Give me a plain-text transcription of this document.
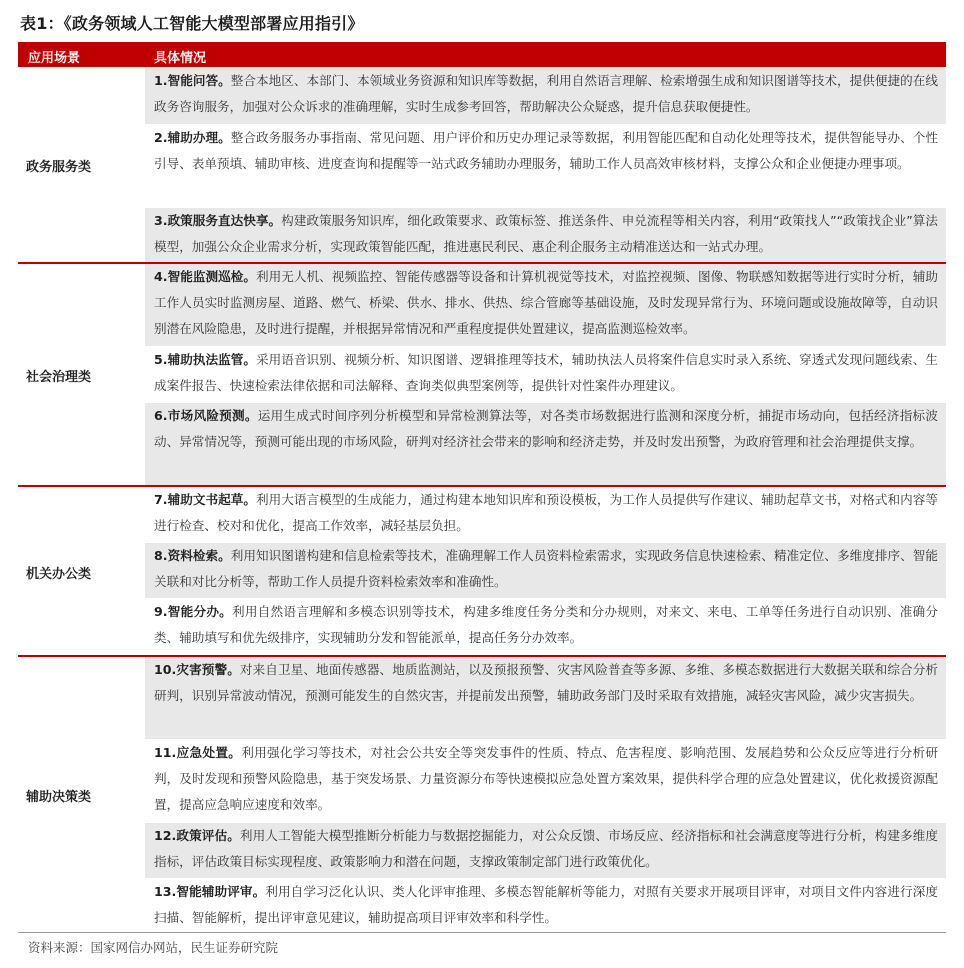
表1：《政务领域人工智能大模型部署应用指引》
应用场景	具体情况
政务服务类
社会治理类
机关办公类
辅助决策类
1.智能问答。整合本地区、本部门、本领域业务资源和知识库等数据，利用自然语言理解、检索增强生成和知识图谱等技术，提供便捷的在线政务咨询服务，加强对公众诉求的准确理解，实时生成参考回答，帮助解决公众疑惑，提升信息获取便捷性。
2.辅助办理。整合政务服务办事指南、常见问题、用户评价和历史办理记录等数据，利用智能匹配和自动化处理等技术，提供智能导办、个性引导、表单预填、辅助审核、进度查询和提醒等一站式政务辅助办理服务，辅助工作人员高效审核材料，支撑公众和企业便捷办理事项。
3.政策服务直达快享。构建政策服务知识库，细化政策要求、政策标签、推送条件、申兑流程等相关内容，利用“政策找人”“政策找企业”算法模型，加强公众企业需求分析，实现政策智能匹配，推进惠民利民、惠企利企服务主动精准送达和一站式办理。
4.智能监测巡检。利用无人机、视频监控、智能传感器等设备和计算机视觉等技术，对监控视频、图像、物联感知数据等进行实时分析，辅助工作人员实时监测房屋、道路、燃气、桥梁、供水、排水、供热、综合管廊等基础设施，及时发现异常行为、环境问题或设施故障等，自动识别潜在风险隐患，及时进行提醒，并根据异常情况和严重程度提供处置建议，提高监测巡检效率。
5.辅助执法监管。采用语音识别、视频分析、知识图谱、逻辑推理等技术，辅助执法人员将案件信息实时录入系统、穿透式发现问题线索、生成案件报告、快速检索法律依据和司法解释、查询类似典型案例等，提供针对性案件办理建议。
6.市场风险预测。运用生成式时间序列分析模型和异常检测算法等，对各类市场数据进行监测和深度分析，捕捉市场动向，包括经济指标波动、异常情况等，预测可能出现的市场风险，研判对经济社会带来的影响和经济走势，并及时发出预警，为政府管理和社会治理提供支撑。
7.辅助文书起草。利用大语言模型的生成能力，通过构建本地知识库和预设模板，为工作人员提供写作建议、辅助起草文书，对格式和内容等进行检查、校对和优化，提高工作效率，减轻基层负担。
8.资料检索。利用知识图谱构建和信息检索等技术，准确理解工作人员资料检索需求，实现政务信息快速检索、精准定位、多维度排序、智能关联和对比分析等，帮助工作人员提升资料检索效率和准确性。
9.智能分办。利用自然语言理解和多模态识别等技术，构建多维度任务分类和分办规则，对来文、来电、工单等任务进行自动识别、准确分类、辅助填写和优先级排序，实现辅助分发和智能派单，提高任务分办效率。
10.灾害预警。对来自卫星、地面传感器、地质监测站，以及预报预警、灾害风险普查等多源、多维、多模态数据进行大数据关联和综合分析研判，识别异常波动情况，预测可能发生的自然灾害，并提前发出预警，辅助政务部门及时采取有效措施，减轻灾害风险，减少灾害损失。
11.应急处置。利用强化学习等技术，对社会公共安全等突发事件的性质、特点、危害程度、影响范围、发展趋势和公众反应等进行分析研判，及时发现和预警风险隐患，基于突发场景、力量资源分布等快速模拟应急处置方案效果，提供科学合理的应急处置建议，优化救援资源配置，提高应急响应速度和效率。
12.政策评估。利用人工智能大模型推断分析能力与数据挖掘能力，对公众反馈、市场反应、经济指标和社会满意度等进行分析，构建多维度指标，评估政策目标实现程度、政策影响力和潜在问题，支撑政策制定部门进行政策优化。
13.智能辅助评审。利用自学习泛化认识、类人化评审推理、多模态智能解析等能力，对照有关要求开展项目评审，对项目文件内容进行深度扫描、智能解析，提出评审意见建议，辅助提高项目评审效率和科学性。
资料来源：国家网信办网站，民生证券研究院
